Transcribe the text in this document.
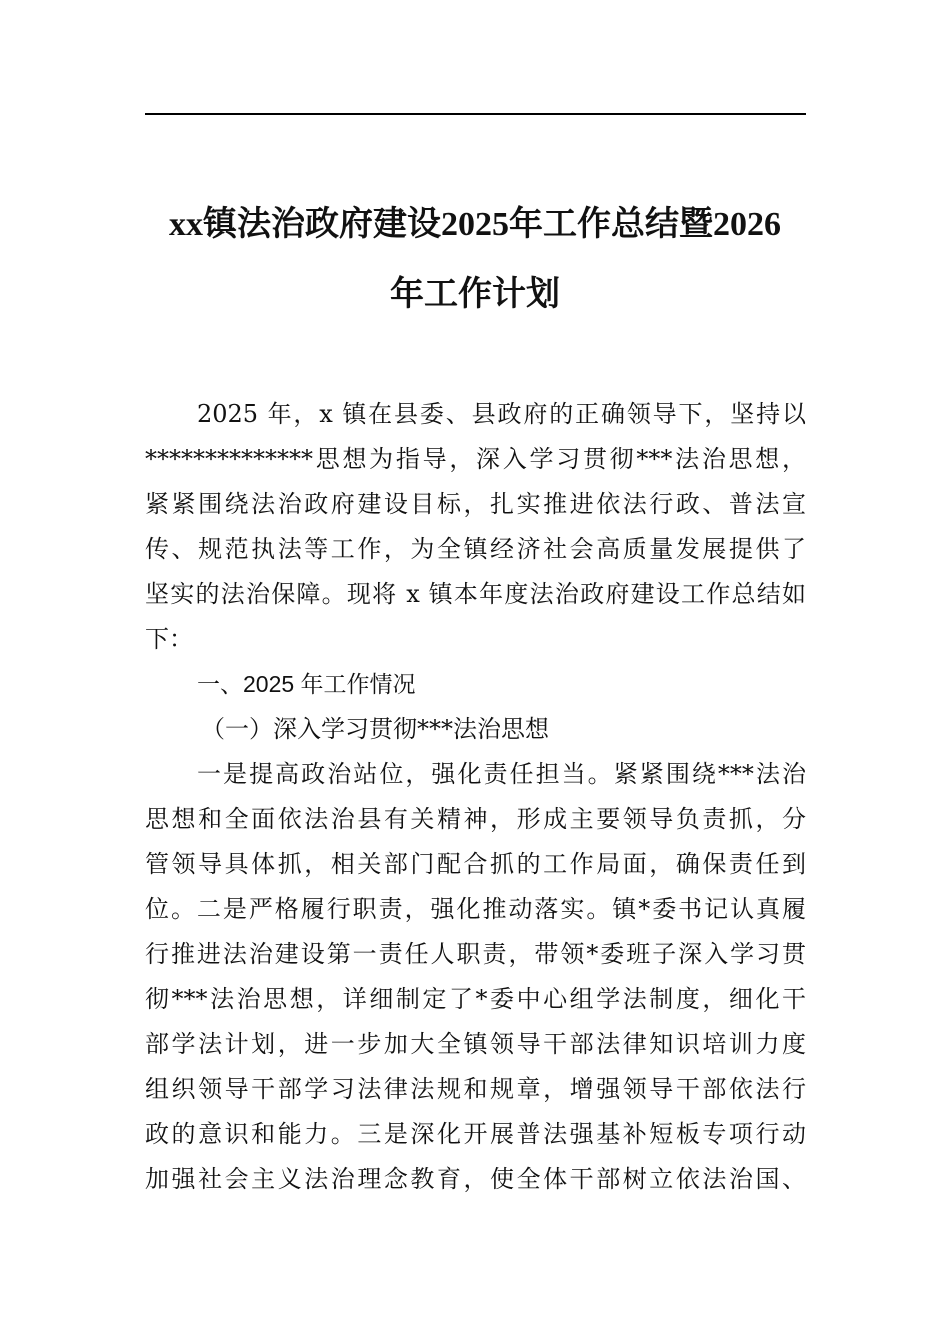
xx镇法治政府建设2025年工作总结暨2026
年工作计划
2025 年，x 镇在县委、县政府的正确领导下，坚持以
**************思想为指导，深入学习贯彻***法治思想，
紧紧围绕法治政府建设目标，扎实推进依法行政、普法宣
传、规范执法等工作，为全镇经济社会高质量发展提供了
坚实的法治保障。现将 x 镇本年度法治政府建设工作总结如
下：
一、2025 年工作情况
（一）深入学习贯彻***法治思想
一是提高政治站位，强化责任担当。紧紧围绕***法治
思想和全面依法治县有关精神，形成主要领导负责抓，分
管领导具体抓，相关部门配合抓的工作局面，确保责任到
位。二是严格履行职责，强化推动落实。镇*委书记认真履
行推进法治建设第一责任人职责，带领*委班子深入学习贯
彻***法治思想，详细制定了*委中心组学法制度，细化干
部学法计划，进一步加大全镇领导干部法律知识培训力度
组织领导干部学习法律法规和规章，增强领导干部依法行
政的意识和能力。三是深化开展普法强基补短板专项行动
加强社会主义法治理念教育，使全体干部树立依法治国、
